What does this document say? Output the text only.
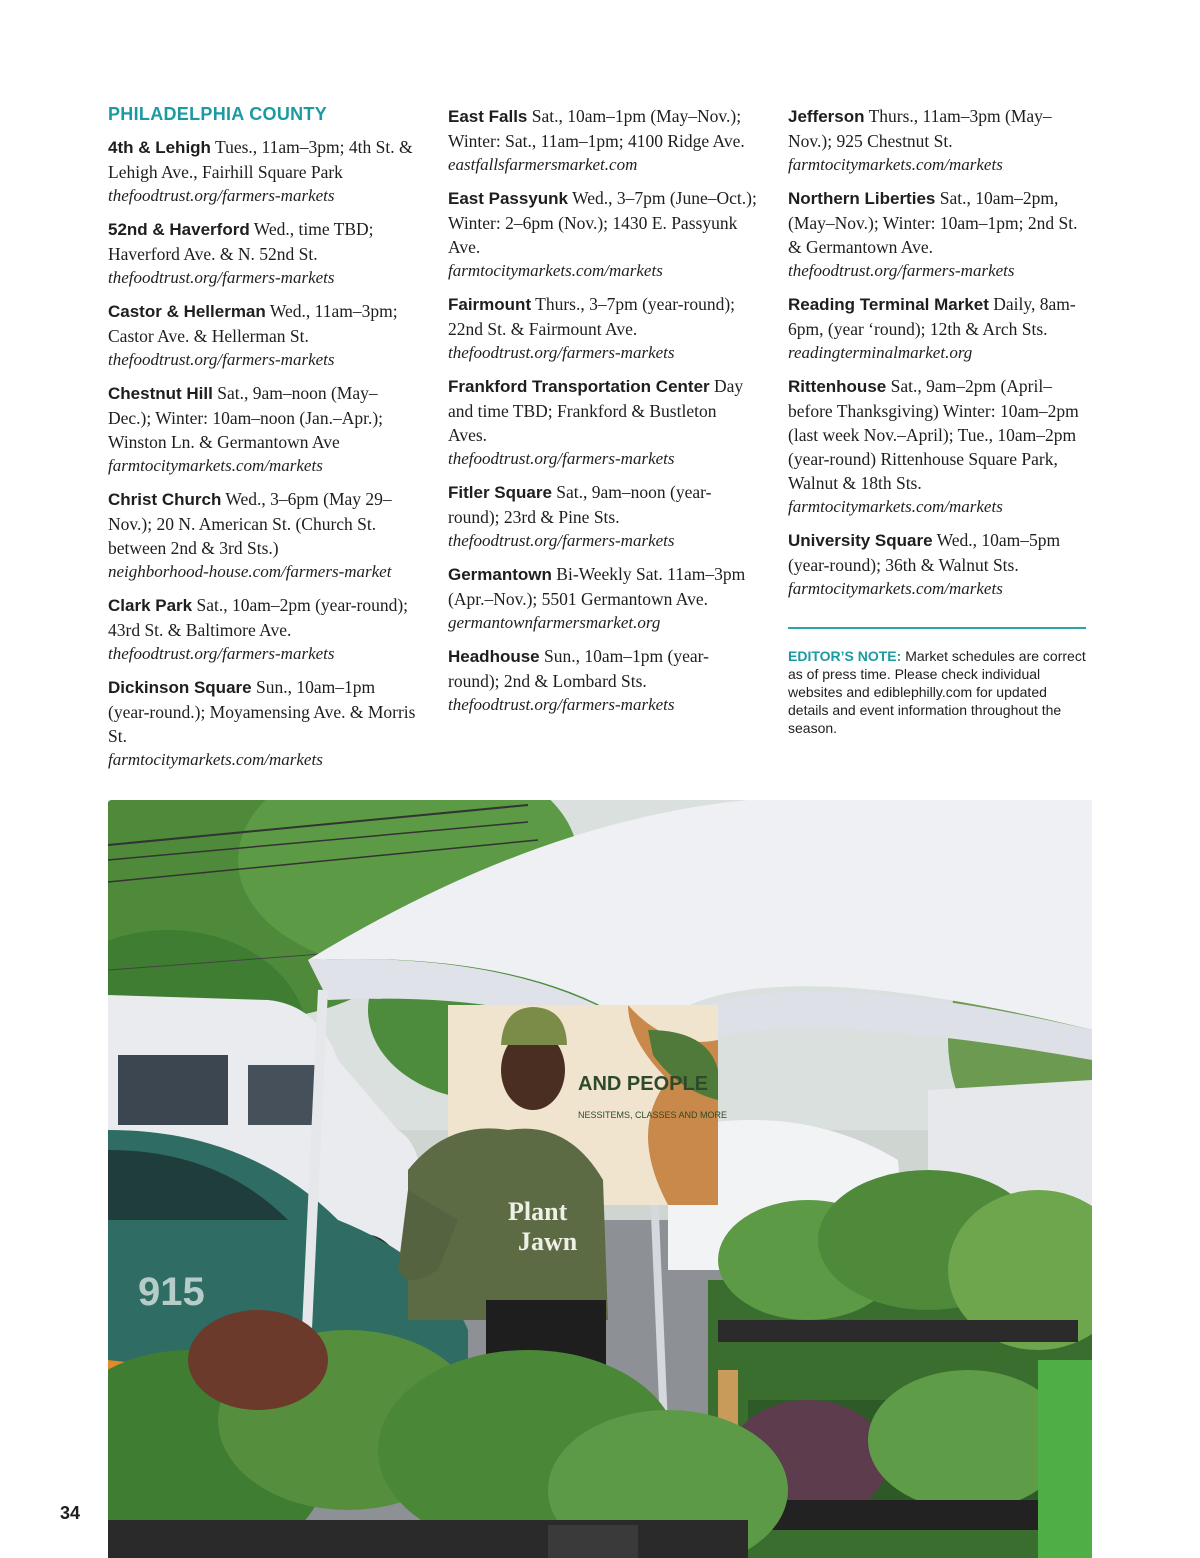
PHILADELPHIA COUNTY
4th & Lehigh Tues., 11am–3pm; 4th St. & Lehigh Ave., Fairhill Square Park
thefoodtrust.org/farmers-markets
52nd & Haverford Wed., time TBD; Haverford Ave. & N. 52nd St.
thefoodtrust.org/farmers-markets
Castor & Hellerman Wed., 11am–3pm; Castor Ave. & Hellerman St.
thefoodtrust.org/farmers-markets
Chestnut Hill Sat., 9am–noon (May–Dec.); Winter: 10am–noon (Jan.–Apr.); Winston Ln. & Germantown Ave
farmtocitymarkets.com/markets
Christ Church Wed., 3–6pm (May 29–Nov.); 20 N. American St. (Church St. between 2nd & 3rd Sts.)
neighborhood-house.com/farmers-market
Clark Park Sat., 10am–2pm (year-round); 43rd St. & Baltimore Ave.
thefoodtrust.org/farmers-markets
Dickinson Square Sun., 10am–1pm (year-round.); Moyamensing Ave. & Morris St.
farmtocitymarkets.com/markets
East Falls Sat., 10am–1pm (May–Nov.); Winter: Sat., 11am–1pm; 4100 Ridge Ave.
eastfallsfarmersmarket.com
East Passyunk Wed., 3–7pm (June–Oct.); Winter: 2–6pm (Nov.); 1430 E. Passyunk Ave.
farmtocitymarkets.com/markets
Fairmount Thurs., 3–7pm (year-round); 22nd St. & Fairmount Ave.
thefoodtrust.org/farmers-markets
Frankford Transportation Center Day and time TBD; Frankford & Bustleton Aves.
thefoodtrust.org/farmers-markets
Fitler Square Sat., 9am–noon (year-round); 23rd & Pine Sts.
thefoodtrust.org/farmers-markets
Germantown Bi-Weekly Sat. 11am–3pm (Apr.–Nov.); 5501 Germantown Ave.
germantownfarmersmarket.org
Headhouse Sun., 10am–1pm (year-round); 2nd & Lombard Sts.
thefoodtrust.org/farmers-markets
Jefferson Thurs., 11am–3pm (May–Nov.); 925 Chestnut St.
farmtocitymarkets.com/markets
Northern Liberties Sat., 10am–2pm, (May–Nov.); Winter: 10am–1pm; 2nd St. & Germantown Ave.
thefoodtrust.org/farmers-markets
Reading Terminal Market Daily, 8am-6pm, (year ‘round); 12th & Arch Sts.
readingterminalmarket.org
Rittenhouse Sat., 9am–2pm (April–before Thanksgiving) Winter: 10am–2pm (last week Nov.–April); Tue., 10am–2pm (year-round) Rittenhouse Square Park, Walnut & 18th Sts.
farmtocitymarkets.com/markets
University Square Wed., 10am–5pm (year-round); 36th & Walnut Sts.
farmtocitymarkets.com/markets
EDITOR’S NOTE: Market schedules are correct as of press time. Please check individual websites and ediblephilly.com for updated details and event information throughout the season.
915
AND PEOPLE
NESSITEMS, CLASSES AND MORE
Plant
Jawn
34
